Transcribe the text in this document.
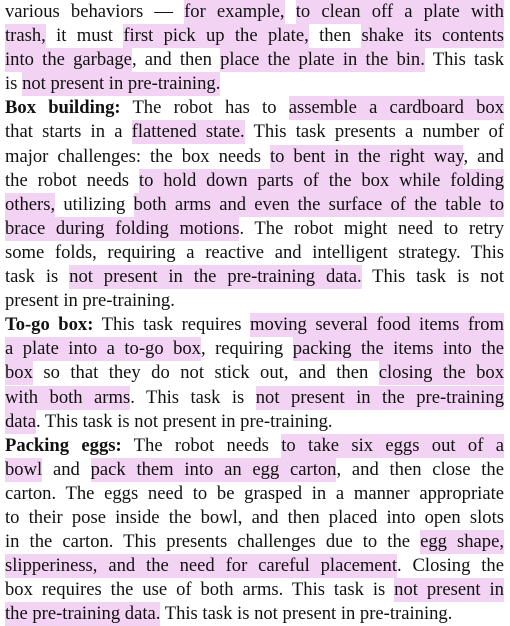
various behaviors — for example, to clean off a plate with
trash, it must first pick up the plate, then shake its contents
into the garbage, and then place the plate in the bin. This task
is not present in pre-training.
Box building: The robot has to assemble a cardboard box
that starts in a flattened state. This task presents a number of
major challenges: the box needs to bent in the right way, and
the robot needs to hold down parts of the box while folding
others, utilizing both arms and even the surface of the table to
brace during folding motions. The robot might need to retry
some folds, requiring a reactive and intelligent strategy. This
task is not present in the pre-training data. This task is not
present in pre-training.
To-go box: This task requires moving several food items from
a plate into a to-go box, requiring packing the items into the
box so that they do not stick out, and then closing the box
with both arms. This task is not present in the pre-training
data. This task is not present in pre-training.
Packing eggs: The robot needs to take six eggs out of a
bowl and pack them into an egg carton, and then close the
carton. The eggs need to be grasped in a manner appropriate
to their pose inside the bowl, and then placed into open slots
in the carton. This presents challenges due to the egg shape,
slipperiness, and the need for careful placement. Closing the
box requires the use of both arms. This task is not present in
the pre-training data. This task is not present in pre-training.
